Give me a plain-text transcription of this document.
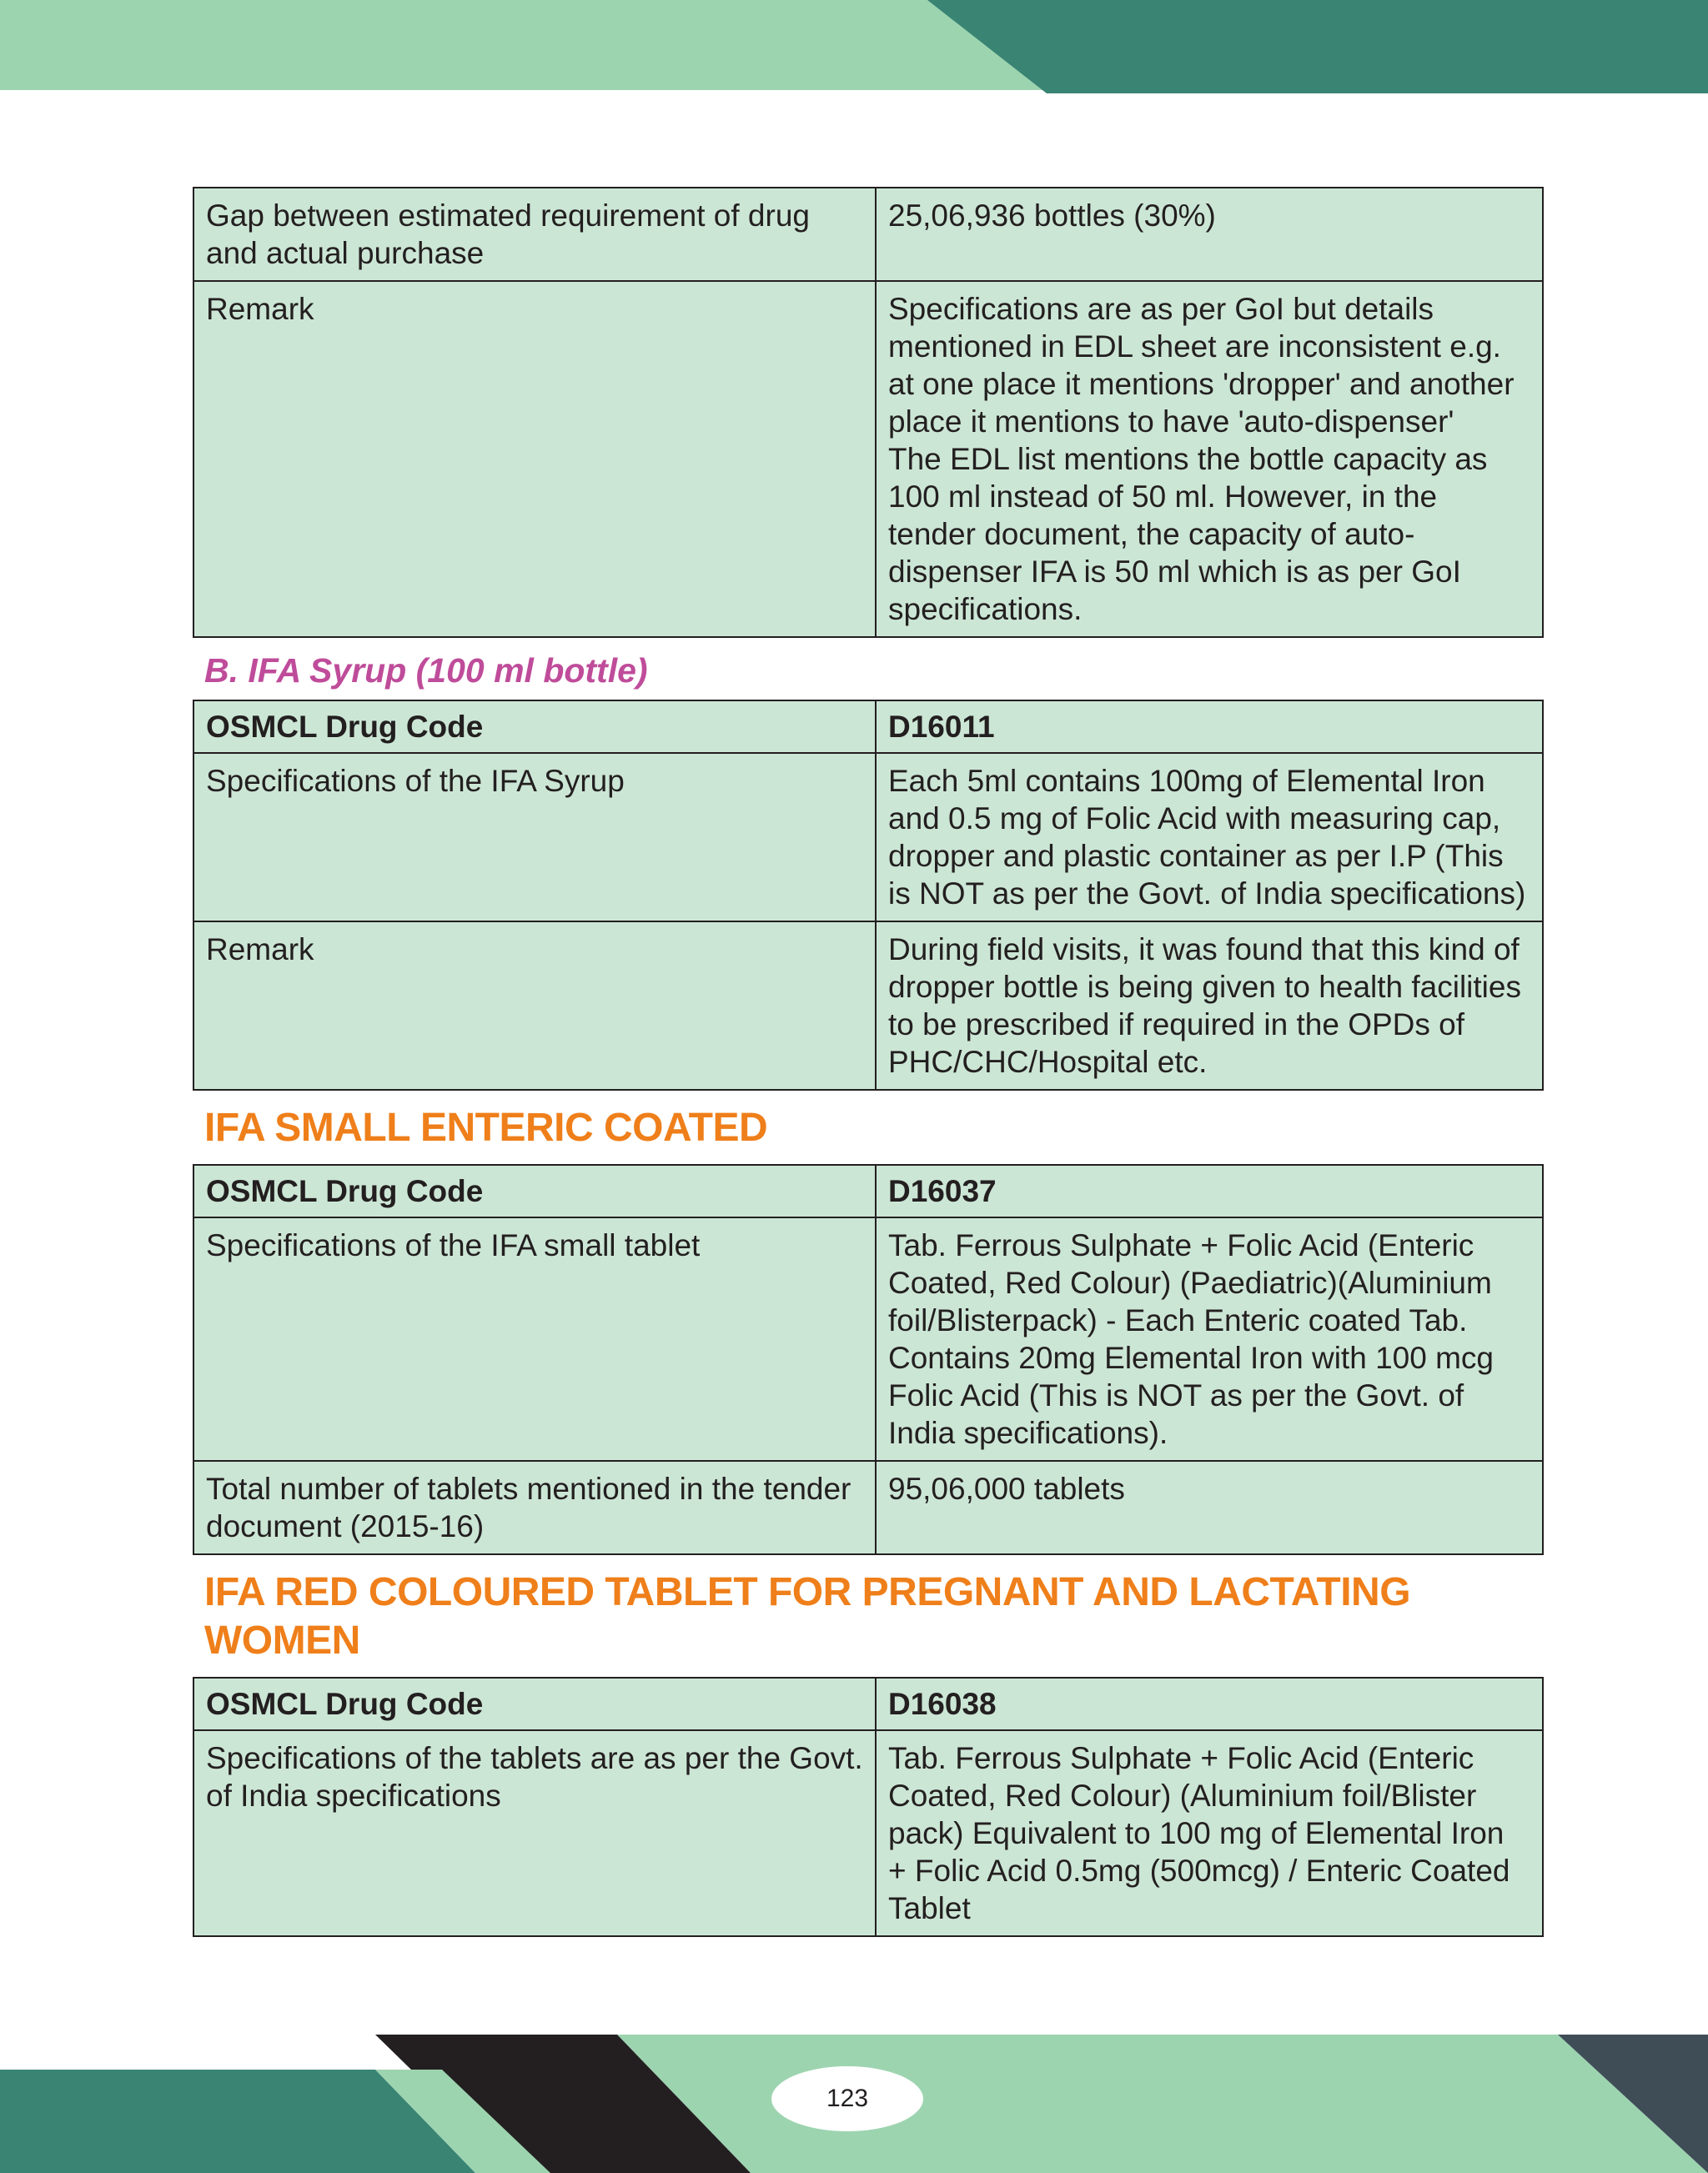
Gap between estimated requirement of drug and actual purchase	25,06,936 bottles (30%)
Remark	Specifications are as per GoI but details mentioned in EDL sheet are inconsistent e.g. at one place it mentions 'dropper' and another place it mentions to have 'auto-dispenser'
The EDL list mentions the bottle capacity as 100 ml instead of 50 ml. However, in the tender document, the capacity of auto-dispenser IFA is 50 ml which is as per GoI specifications.
B. IFA Syrup (100 ml bottle)
OSMCL Drug Code	D16011
Specifications of the IFA Syrup	Each 5ml contains 100mg of Elemental Iron and 0.5 mg of Folic Acid with measuring cap, dropper and plastic container as per I.P (This is NOT as per the Govt. of India specifications)
Remark	During field visits, it was found that this kind of dropper bottle is being given to health facilities to be prescribed if required in the OPDs of PHC/CHC/Hospital etc.
IFA SMALL ENTERIC COATED
OSMCL Drug Code	D16037
Specifications of the IFA small tablet	Tab. Ferrous Sulphate + Folic Acid (Enteric Coated, Red Colour) (Paediatric)(Aluminium foil/Blisterpack) - Each Enteric coated Tab. Contains 20mg Elemental Iron with 100 mcg Folic Acid (This is NOT as per the Govt. of India specifications).
Total number of tablets mentioned in the tender document (2015-16)	95,06,000 tablets
IFA RED COLOURED TABLET FOR PREGNANT AND LACTATING WOMEN
OSMCL Drug Code	D16038
Specifications of the tablets are as per the Govt. of India specifications	Tab. Ferrous Sulphate + Folic Acid (Enteric Coated, Red Colour) (Aluminium foil/Blister pack) Equivalent to 100 mg of Elemental Iron + Folic Acid 0.5mg (500mcg) / Enteric Coated Tablet
123
